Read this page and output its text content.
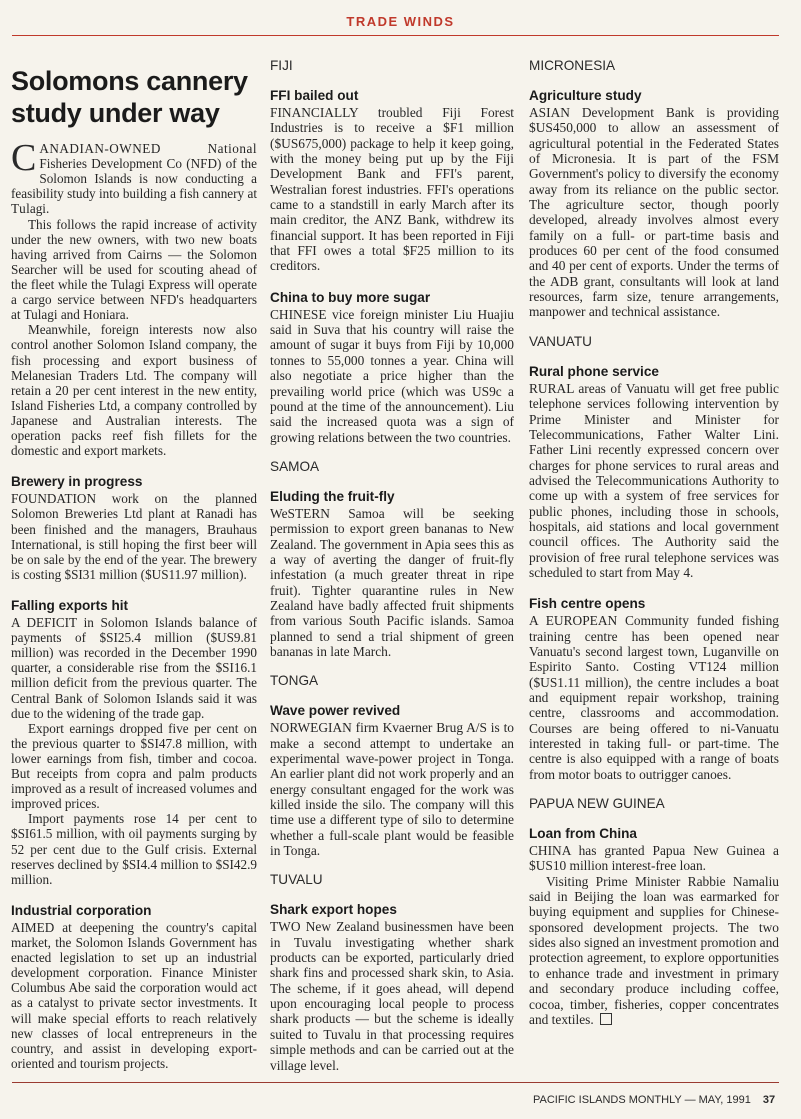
TRADE WINDS
Solomons cannery study under way

CANADIAN-OWNED National Fisheries Development Co (NFD) of the Solomon Islands is now conducting a feasibility study into building a fish cannery at Tulagi.

This follows the rapid increase of activity under the new owners, with two new boats having arrived from Cairns — the Solomon Searcher will be used for scouting ahead of the fleet while the Tulagi Express will operate a cargo service between NFD's headquarters at Tulagi and Honiara.

Meanwhile, foreign interests now also control another Solomon Island company, the fish processing and export business of Melanesian Traders Ltd. The company will retain a 20 per cent interest in the new entity, Island Fisheries Ltd, a company controlled by Japanese and Australian interests. The operation packs reef fish fillets for the domestic and export markets.

Brewery in progress

FOUNDATION work on the planned Solomon Breweries Ltd plant at Ranadi has been finished and the managers, Brauhaus International, is still hoping the first beer will be on sale by the end of the year. The brewery is costing $SI31 million ($US11.97 million).

Falling exports hit

A DEFICIT in Solomon Islands balance of payments of $SI25.4 million ($US9.81 million) was recorded in the December 1990 quarter, a considerable rise from the $SI16.1 million deficit from the previous quarter. The Central Bank of Solomon Islands said it was due to the widening of the trade gap.

Export earnings dropped five per cent on the previous quarter to $SI47.8 million, with lower earnings from fish, timber and cocoa. But receipts from copra and palm products improved as a result of increased volumes and improved prices.

Import payments rose 14 per cent to $SI61.5 million, with oil payments surging by 52 per cent due to the Gulf crisis. External reserves declined by $SI4.4 million to $SI42.9 million.

Industrial corporation

AIMED at deepening the country's capital market, the Solomon Islands Government has enacted legislation to set up an industrial development corporation. Finance Minister Columbus Abe said the corporation would act as a catalyst to private sector investments. It will make special efforts to reach relatively new classes of local entrepreneurs in the country, and assist in developing export-oriented and tourism projects.

FIJI
FFI bailed out

FINANCIALLY troubled Fiji Forest Industries is to receive a $F1 million ($US675,000) package to help it keep going, with the money being put up by the Fiji Development Bank and FFI's parent, Westralian forest industries. FFI's operations came to a standstill in early March after its main creditor, the ANZ Bank, withdrew its financial support. It has been reported in Fiji that FFI owes a total $F25 million to its creditors.

China to buy more sugar

CHINESE vice foreign minister Liu Huajiu said in Suva that his country will raise the amount of sugar it buys from Fiji by 10,000 tonnes to 55,000 tonnes a year. China will also negotiate a price higher than the prevailing world price (which was US9c a pound at the time of the announcement). Liu said the increased quota was a sign of growing relations between the two countries.

SAMOA
Eluding the fruit-fly

WeSTERN Samoa will be seeking permission to export green bananas to New Zealand. The government in Apia sees this as a way of averting the danger of fruit-fly infestation (a much greater threat in ripe fruit). Tighter quarantine rules in New Zealand have badly affected fruit shipments from various South Pacific islands. Samoa planned to send a trial shipment of green bananas in late March.

TONGA
Wave power revived

NORWEGIAN firm Kvaerner Brug A/S is to make a second attempt to undertake an experimental wave-power project in Tonga. An earlier plant did not work properly and an energy consultant engaged for the work was killed inside the silo. The company will this time use a different type of silo to determine whether a full-scale plant would be feasible in Tonga.

TUVALU
Shark export hopes

TWO New Zealand businessmen have been in Tuvalu investigating whether shark products can be exported, particularly dried shark fins and processed shark skin, to Asia. The scheme, if it goes ahead, will depend upon encouraging local people to process shark products — but the scheme is ideally suited to Tuvalu in that processing requires simple methods and can be carried out at the village level.

MICRONESIA
Agriculture study

ASIAN Development Bank is providing $US450,000 to allow an assessment of agricultural potential in the Federated States of Micronesia. It is part of the FSM Government's policy to diversify the economy away from its reliance on the public sector. The agriculture sector, though poorly developed, already involves almost every family on a full- or part-time basis and produces 60 per cent of the food consumed and 40 per cent of exports. Under the terms of the ADB grant, consultants will look at land resources, farm size, tenure arrangements, manpower and technical assistance.

VANUATU
Rural phone service

RURAL areas of Vanuatu will get free public telephone services following intervention by Prime Minister and Minister for Telecommunications, Father Walter Lini. Father Lini recently expressed concern over charges for phone services to rural areas and advised the Telecommunications Authority to come up with a system of free services for public phones, including those in schools, hospitals, aid stations and local government council offices. The Authority said the provision of free rural telephone services was scheduled to start from May 4.

Fish centre opens

A EUROPEAN Community funded fishing training centre has been opened near Vanuatu's second largest town, Luganville on Espirito Santo. Costing VT124 million ($US1.11 million), the centre includes a boat and equipment repair workshop, training centre, classrooms and accommodation. Courses are being offered to ni-Vanuatu interested in taking full- or part-time. The centre is also equipped with a range of boats from motor boats to outrigger canoes.

PAPUA NEW GUINEA
Loan from China

CHINA has granted Papua New Guinea a $US10 million interest-free loan.

Visiting Prime Minister Rabbie Namaliu said in Beijing the loan was earmarked for buying equipment and supplies for Chinese-sponsored development projects. The two sides also signed an investment promotion and protection agreement, to explore opportunities to enhance trade and investment in primary and secondary produce including coffee, cocoa, timber, fisheries, copper concentrates and textiles.

PACIFIC ISLANDS MONTHLY — MAY, 1991 37
